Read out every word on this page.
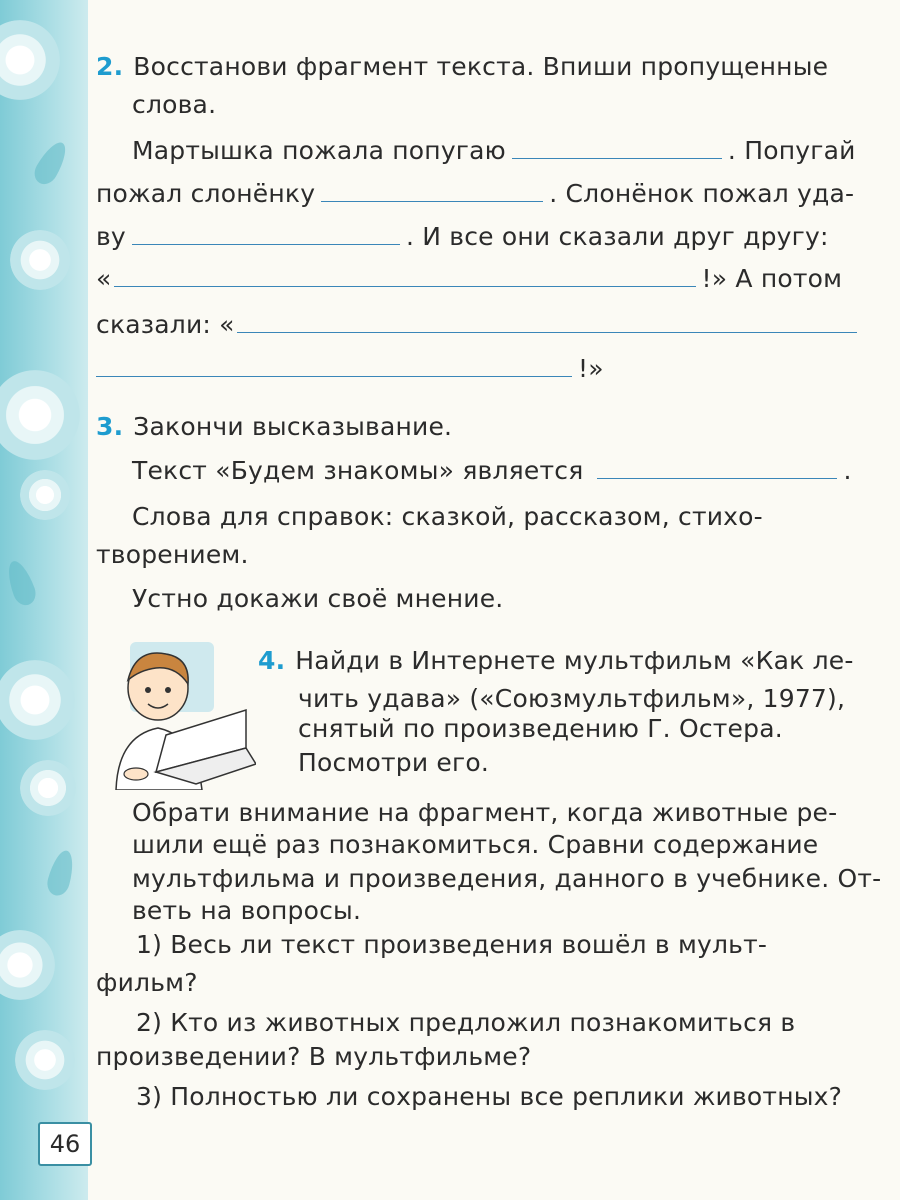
46
2. Восстанови фрагмент текста. Впиши пропущенные
слова.
Мартышка пожала попугаю	. Попугай
пожал слонёнку	. Слонёнок пожал уда-
ву	. И все они сказали друг другу:
«	!» А потом
сказали: «
!»
3. Закончи высказывание.
Текст «Будем знакомы» является	.
Слова для справок: сказкой, рассказом, стихо-
творением.
Устно докажи своё мнение.
4. Найди в Интернете мультфильм «Как ле-
чить удава» («Союзмультфильм», 1977),
снятый по произведению Г. Остера.
Посмотри его.
Обрати внимание на фрагмент, когда животные ре-
шили ещё раз познакомиться. Сравни содержание
мультфильма и произведения, данного в учебнике. От-
веть на вопросы.
1) Весь ли текст произведения вошёл в мульт-
фильм?
2) Кто из животных предложил познакомиться в
произведении? В мультфильме?
3) Полностью ли сохранены все реплики животных?
